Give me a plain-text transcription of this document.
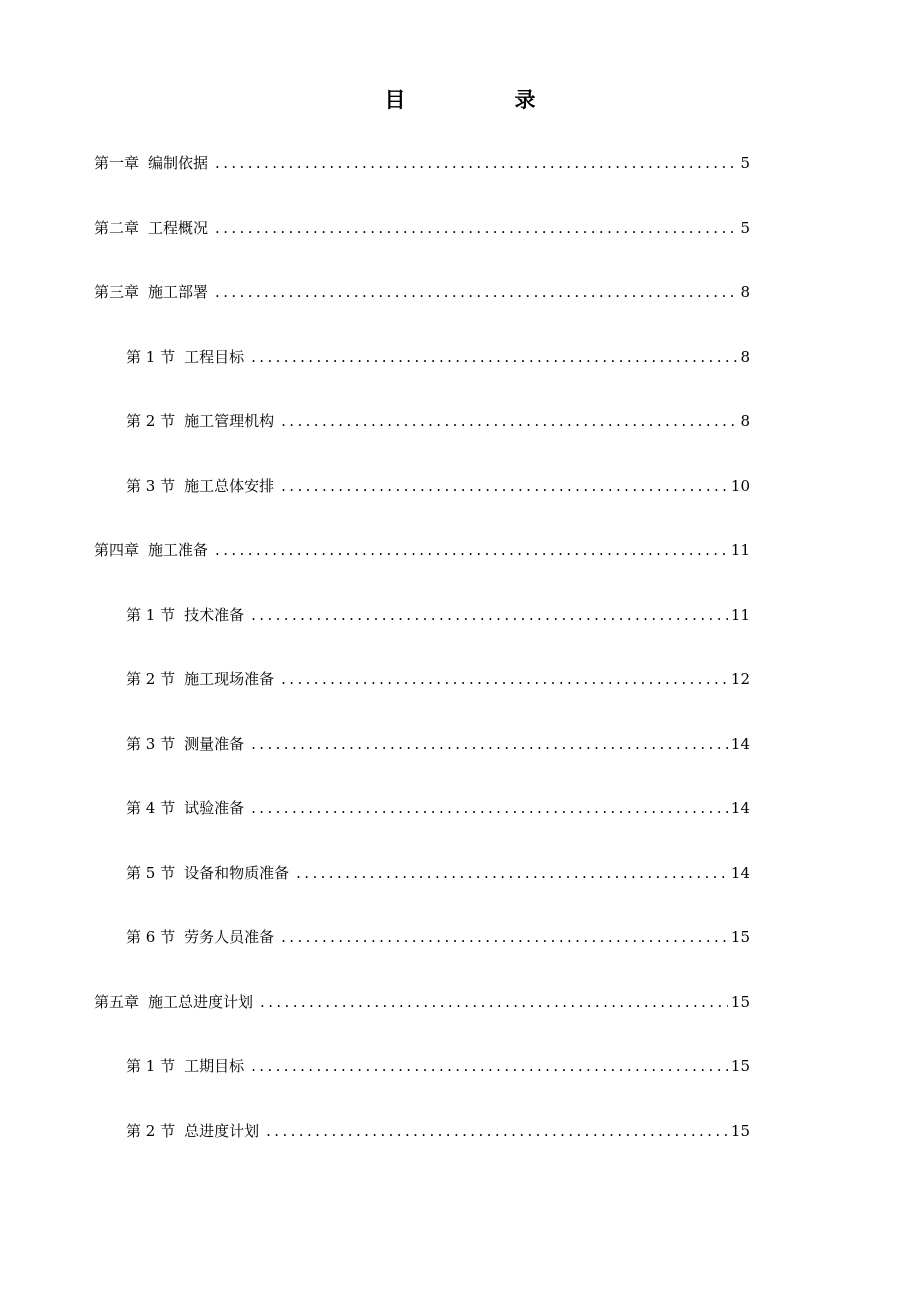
目　录
第一章 编制依据 .....	5
第二章 工程概况 .....	5
第三章 施工部署 .....	8
第 1 节 工程目标 .....	8
第 2 节 施工管理机构 .....	8
第 3 节 施工总体安排 .....	10
第四章 施工准备 .....	11
第 1 节 技术准备 .....	11
第 2 节 施工现场准备 .....	12
第 3 节 测量准备 .....	14
第 4 节 试验准备 .....	14
第 5 节 设备和物质准备 .....	14
第 6 节 劳务人员准备 .....	15
第五章 施工总进度计划 .....	15
第 1 节 工期目标 .....	15
第 2 节 总进度计划 .....	15
